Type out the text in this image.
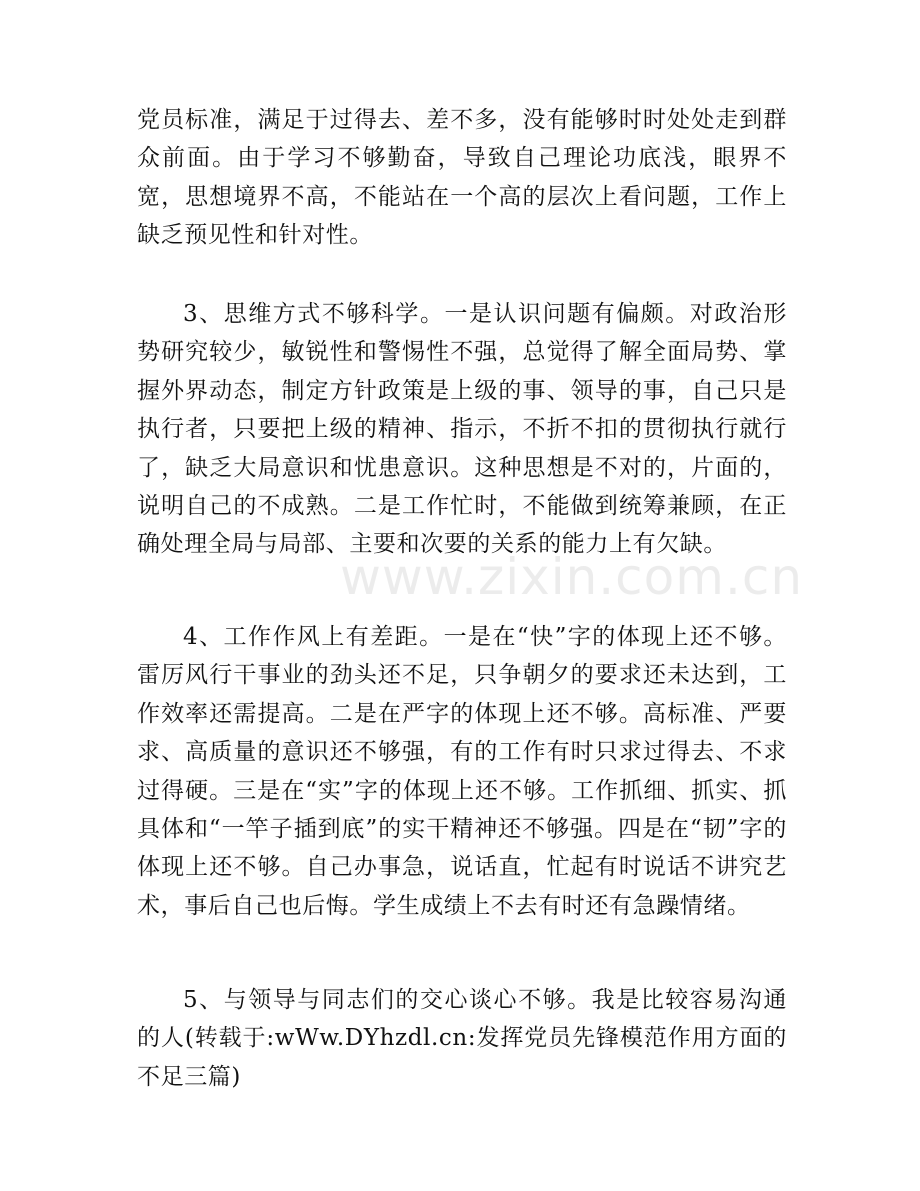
党员标准，满足于过得去、差不多，没有能够时时处处走到群众前面。由于学习不够勤奋，导致自己理论功底浅，眼界不宽，思想境界不高，不能站在一个高的层次上看问题，工作上缺乏预见性和针对性。

3、思维方式不够科学。一是认识问题有偏颇。对政治形势研究较少，敏锐性和警惕性不强，总觉得了解全面局势、掌握外界动态，制定方针政策是上级的事、领导的事，自己只是执行者，只要把上级的精神、指示，不折不扣的贯彻执行就行了，缺乏大局意识和忧患意识。这种思想是不对的，片面的，说明自己的不成熟。二是工作忙时，不能做到统筹兼顾，在正确处理全局与局部、主要和次要的关系的能力上有欠缺。

4、工作作风上有差距。一是在“快”字的体现上还不够。雷厉风行干事业的劲头还不足，只争朝夕的要求还未达到，工作效率还需提高。二是在严字的体现上还不够。高标准、严要求、高质量的意识还不够强，有的工作有时只求过得去、不求过得硬。三是在“实”字的体现上还不够。工作抓细、抓实、抓具体和“一竿子插到底”的实干精神还不够强。四是在“韧”字的体现上还不够。自己办事急，说话直，忙起有时说话不讲究艺术，事后自己也后悔。学生成绩上不去有时还有急躁情绪。

5、与领导与同志们的交心谈心不够。我是比较容易沟通的人(转载于:wWw.DYhzdl.cn:发挥党员先锋模范作用方面的不足三篇)

www.zixin.com.cn
